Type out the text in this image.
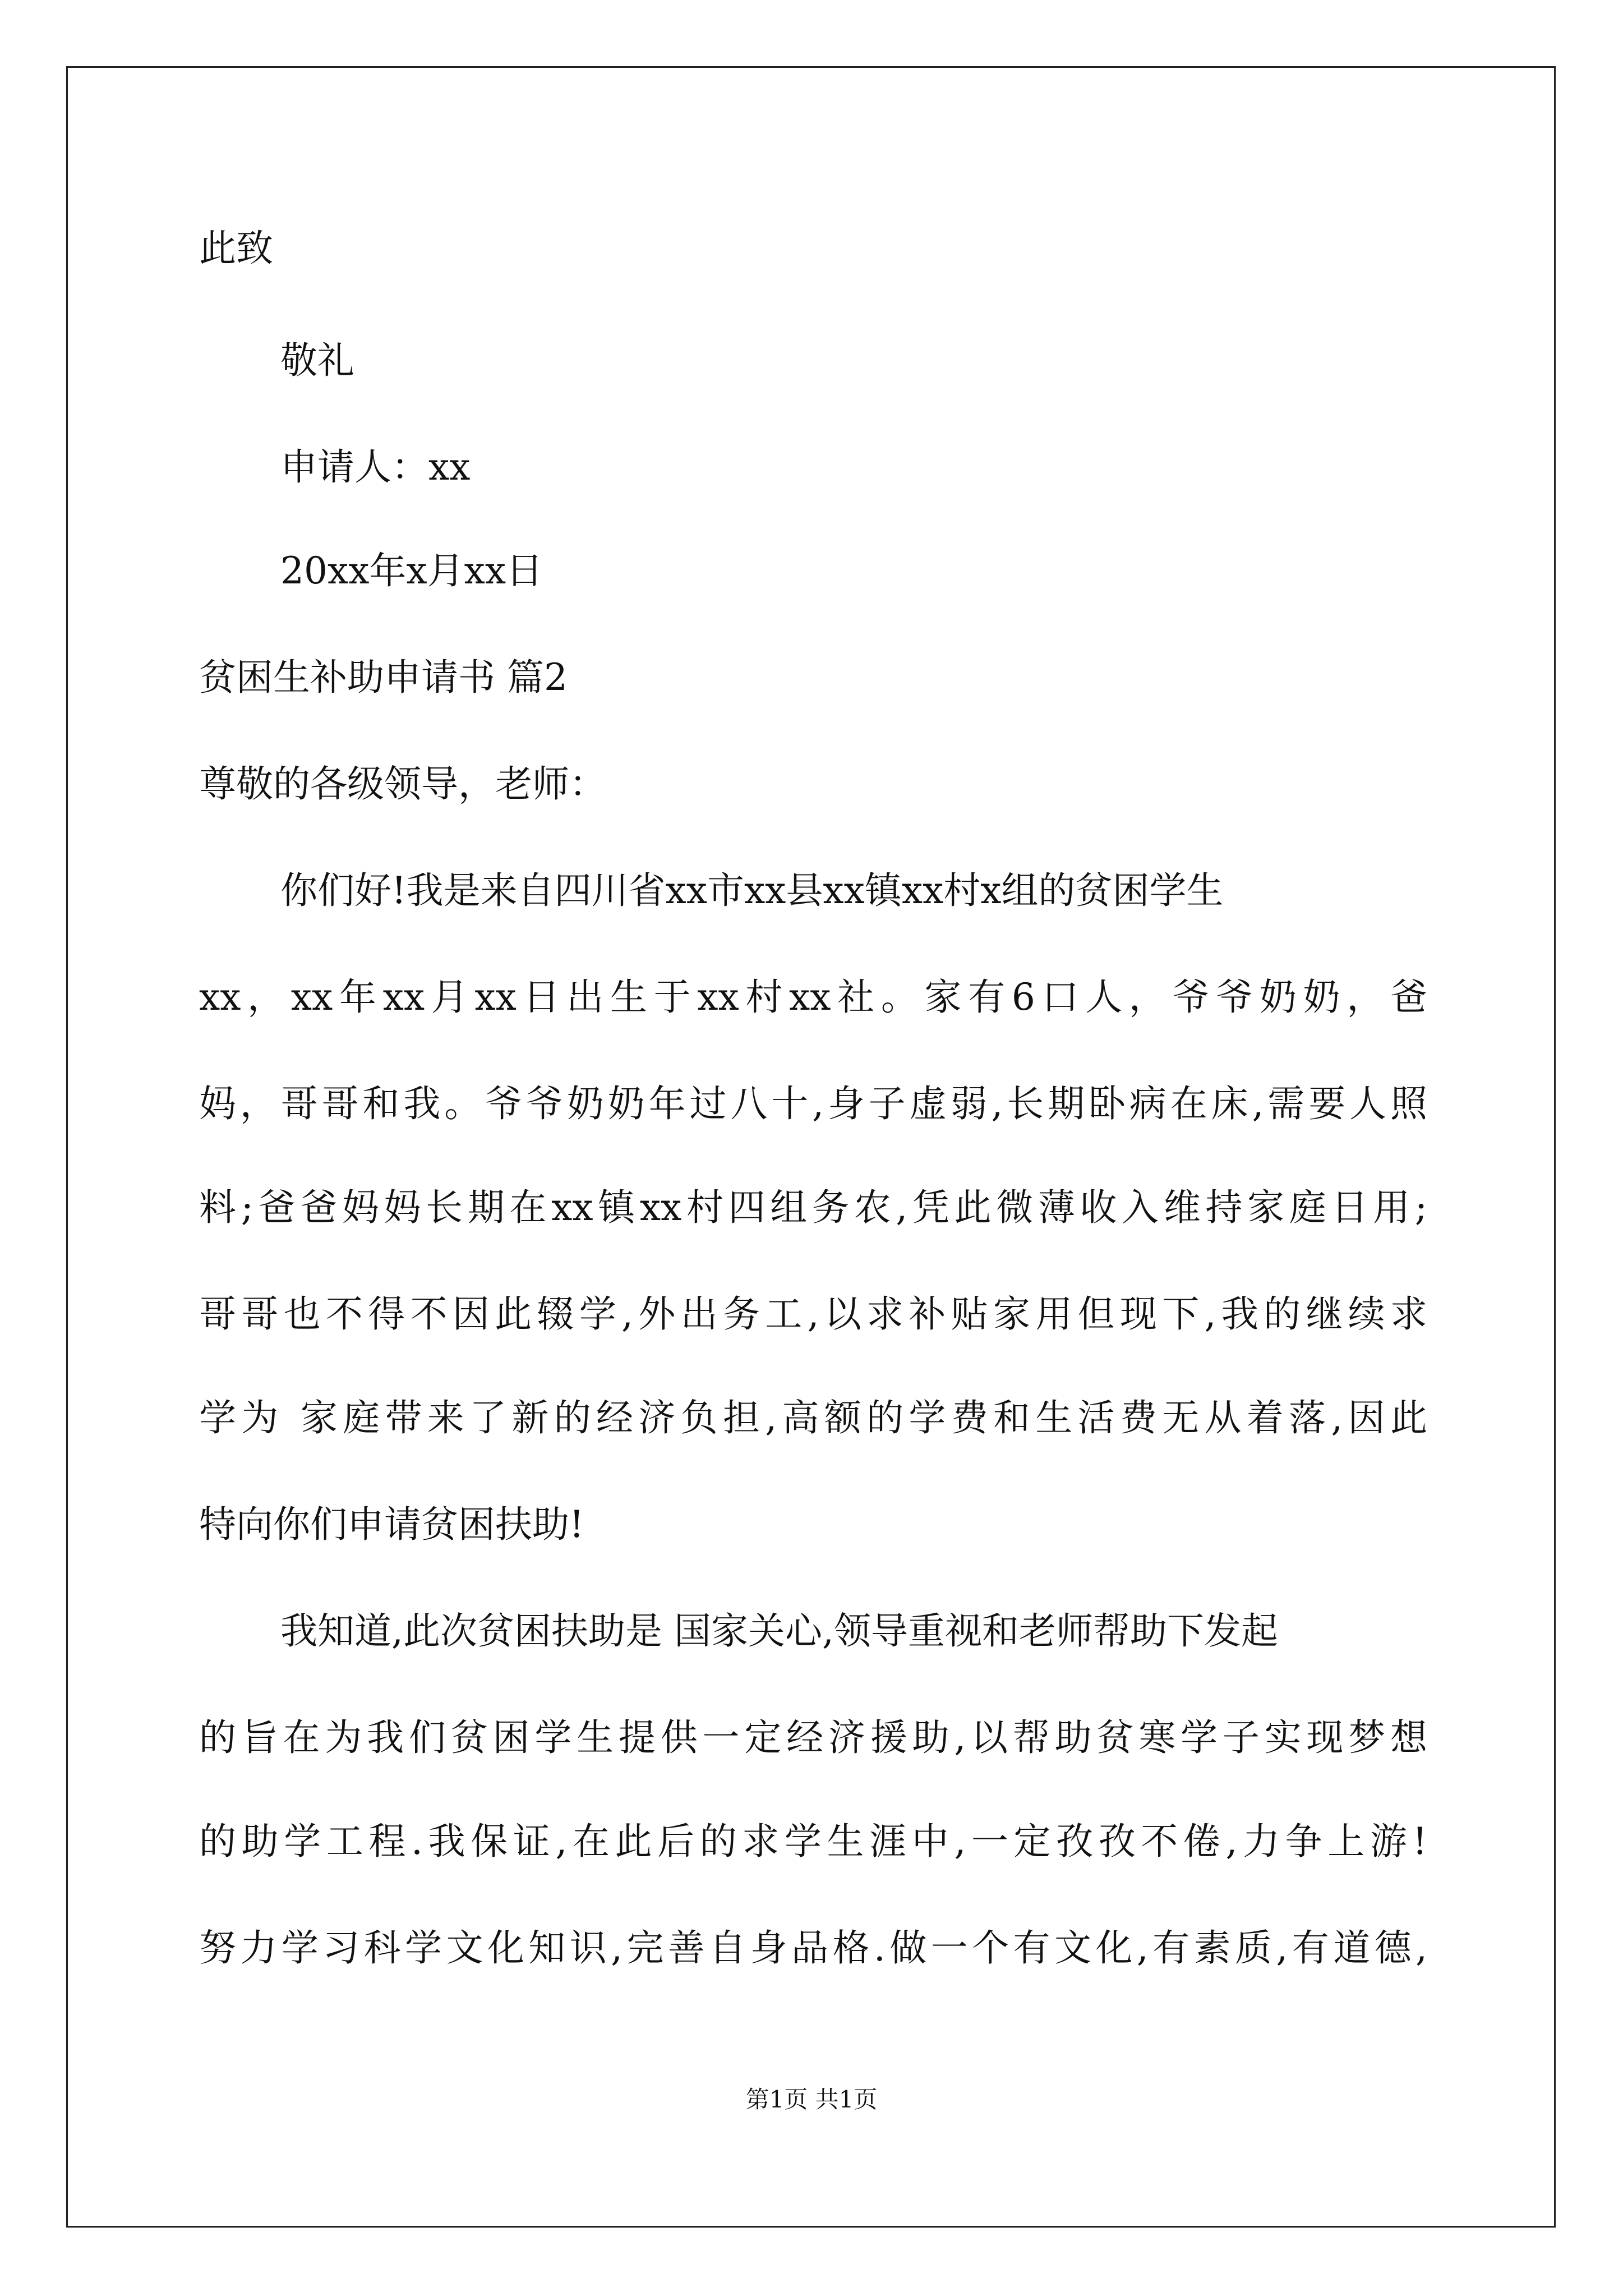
此致
敬礼
申请人：xx
20xx年x月xx日
贫困生补助申请书 篇2
尊敬的各级领导，老师：
你们好!我是来自四川省xx市xx县xx镇xx村x组的贫困学生
xx，xx年xx月xx日出生于xx村xx社。家有6口人，爷爷奶奶，爸
妈，哥哥和我。爷爷奶奶年过八十,身子虚弱,长期卧病在床,需要人照
料;爸爸妈妈长期在xx镇xx村四组务农,凭此微薄收入维持家庭日用;
哥哥也不得不因此辍学,外出务工,以求补贴家用但现下,我的继续求
学为 家庭带来了新的经济负担,高额的学费和生活费无从着落,因此
特向你们申请贫困扶助!
我知道,此次贫困扶助是 国家关心,领导重视和老师帮助下发起
的旨在为我们贫困学生提供一定经济援助,以帮助贫寒学子实现梦想
的助学工程.我保证,在此后的求学生涯中,一定孜孜不倦,力争上游!
努力学习科学文化知识,完善自身品格.做一个有文化,有素质,有道德,
第1页 共1页
